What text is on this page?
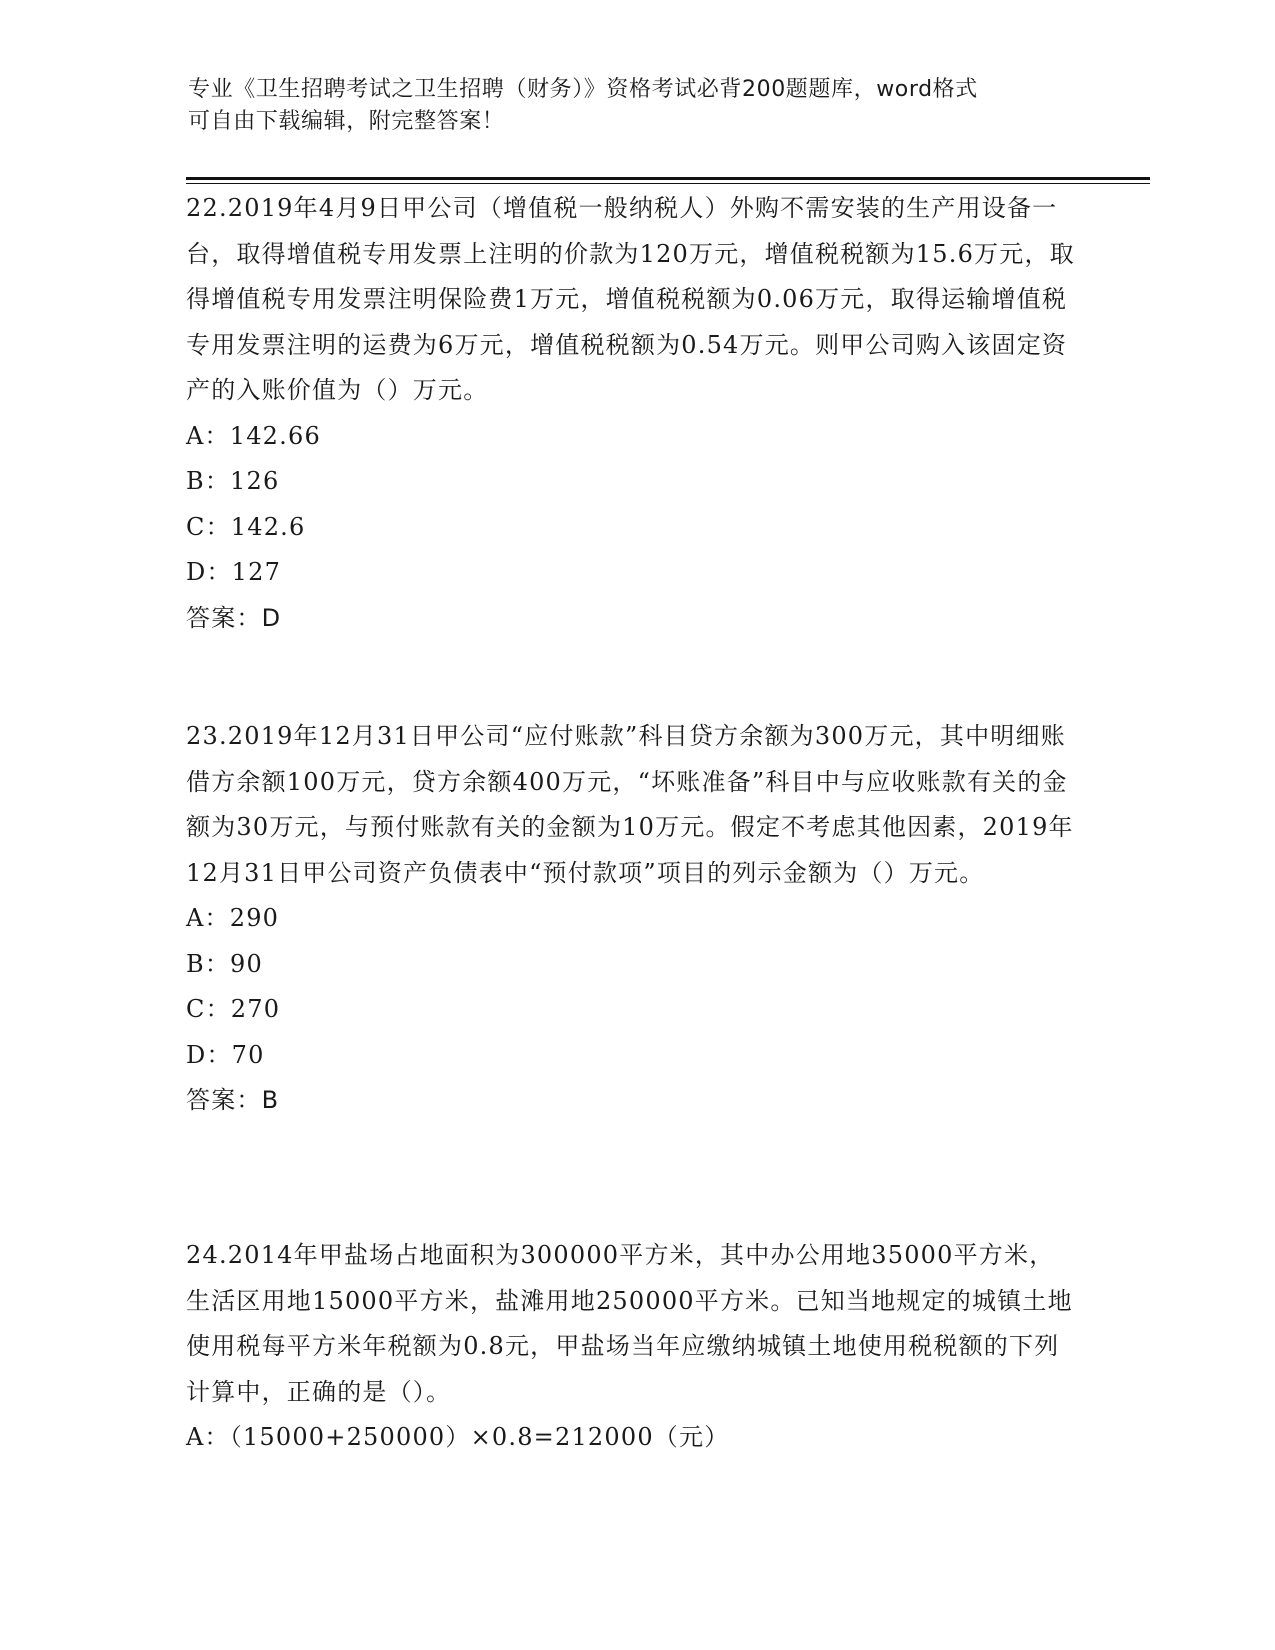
专业《卫生招聘考试之卫生招聘（财务）》资格考试必背200题题库，word格式
可自由下载编辑，附完整答案！

22.2019年4月9日甲公司（增值税一般纳税人）外购不需安装的生产用设备一台，取得增值税专用发票上注明的价款为120万元，增值税税额为15.6万元，取得增值税专用发票注明保险费1万元，增值税税额为0.06万元，取得运输增值税专用发票注明的运费为6万元，增值税税额为0.54万元。则甲公司购入该固定资产的入账价值为（）万元。

A：142.66

B：126

C：142.6

D：127

答案：D

23.2019年12月31日甲公司“应付账款”科目贷方余额为300万元，其中明细账借方余额100万元，贷方余额400万元，“坏账准备”科目中与应收账款有关的金额为30万元，与预付账款有关的金额为10万元。假定不考虑其他因素，2019年12月31日甲公司资产负债表中“预付款项”项目的列示金额为（）万元。

A：290

B：90

C：270

D：70

答案：B

24.2014年甲盐场占地面积为300000平方米，其中办公用地35000平方米，生活区用地15000平方米，盐滩用地250000平方米。已知当地规定的城镇土地使用税每平方米年税额为0.8元，甲盐场当年应缴纳城镇土地使用税税额的下列计算中，正确的是（）。

A：（15000+250000）×0.8=212000（元）
